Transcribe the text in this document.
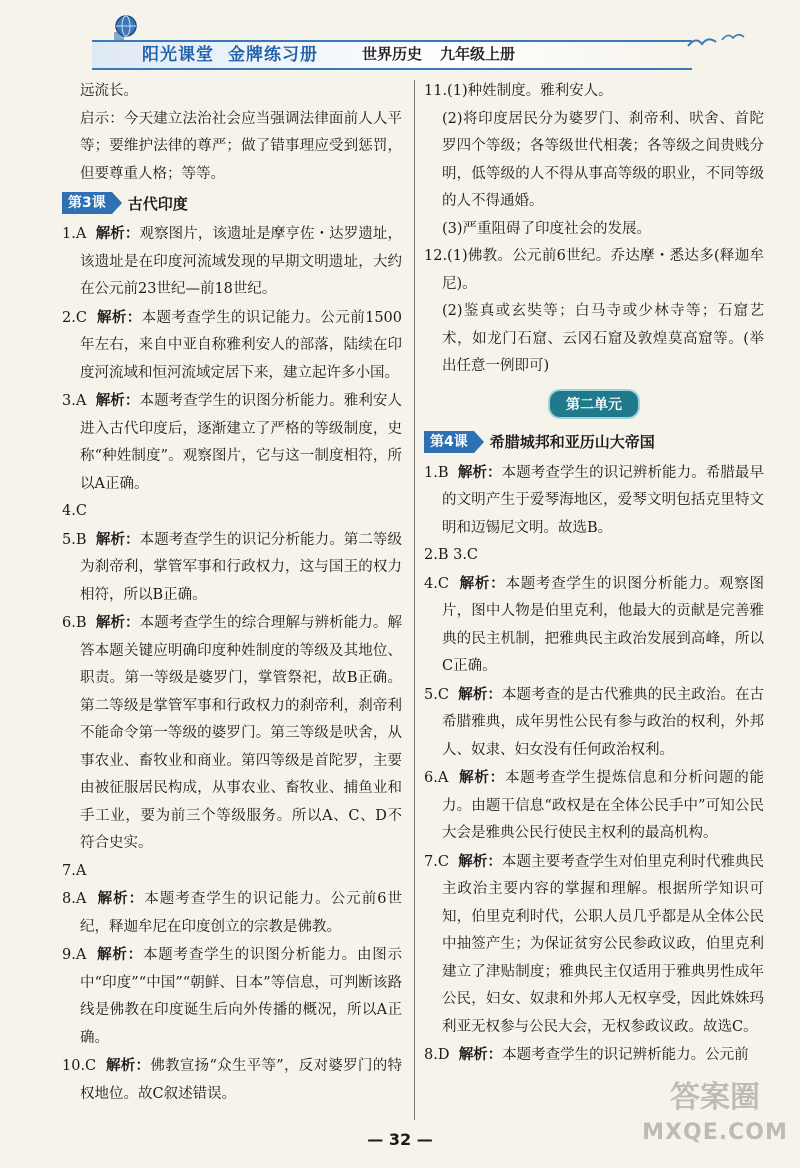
阳光课堂 金牌练习册	世界历史 九年级上册

远流长。

启示：今天建立法治社会应当强调法律面前人人平等；要维护法律的尊严；做了错事理应受到惩罚，但要尊重人格；等等。

第3课	古代印度

1.A 解析：观察图片，该遗址是摩亨佐・达罗遗址，该遗址是在印度河流域发现的早期文明遗址，大约在公元前23世纪—前18世纪。

2.C 解析：本题考查学生的识记能力。公元前1500年左右，来自中亚自称雅利安人的部落，陆续在印度河流域和恒河流域定居下来，建立起许多小国。

3.A 解析：本题考查学生的识图分析能力。雅利安人进入古代印度后，逐渐建立了严格的等级制度，史称“种姓制度”。观察图片，它与这一制度相符，所以A正确。

4.C

5.B 解析：本题考查学生的识记分析能力。第二等级为刹帝利，掌管军事和行政权力，这与国王的权力相符，所以B正确。

6.B 解析：本题考查学生的综合理解与辨析能力。解答本题关键应明确印度种姓制度的等级及其地位、职责。第一等级是婆罗门，掌管祭祀，故B正确。第二等级是掌管军事和行政权力的刹帝利，刹帝利不能命令第一等级的婆罗门。第三等级是吠舍，从事农业、畜牧业和商业。第四等级是首陀罗，主要由被征服居民构成，从事农业、畜牧业、捕鱼业和手工业，要为前三个等级服务。所以A、C、D不符合史实。

7.A

8.A 解析：本题考查学生的识记能力。公元前6世纪，释迦牟尼在印度创立的宗教是佛教。

9.A 解析：本题考查学生的识图分析能力。由图示中“印度”“中国”“朝鲜、日本”等信息，可判断该路线是佛教在印度诞生后向外传播的概况，所以A正确。

10.C 解析：佛教宣扬“众生平等”，反对婆罗门的特权地位。故C叙述错误。

11.(1)种姓制度。雅利安人。

(2)将印度居民分为婆罗门、刹帝利、吠舍、首陀罗四个等级；各等级世代相袭；各等级之间贵贱分明，低等级的人不得从事高等级的职业，不同等级的人不得通婚。

(3)严重阻碍了印度社会的发展。

12.(1)佛教。公元前6世纪。乔达摩・悉达多(释迦牟尼)。

(2)鉴真或玄奘等；白马寺或少林寺等；石窟艺术，如龙门石窟、云冈石窟及敦煌莫高窟等。(举出任意一例即可)

第二单元
第4课	希腊城邦和亚历山大帝国

1.B 解析：本题考查学生的识记辨析能力。希腊最早的文明产生于爱琴海地区，爱琴文明包括克里特文明和迈锡尼文明。故选B。

2.B 3.C

4.C 解析：本题考查学生的识图分析能力。观察图片，图中人物是伯里克利，他最大的贡献是完善雅典的民主机制，把雅典民主政治发展到高峰，所以C正确。

5.C 解析：本题考查的是古代雅典的民主政治。在古希腊雅典，成年男性公民有参与政治的权利，外邦人、奴隶、妇女没有任何政治权利。

6.A 解析：本题考查学生提炼信息和分析问题的能力。由题干信息“政权是在全体公民手中”可知公民大会是雅典公民行使民主权利的最高机构。

7.C 解析：本题主要考查学生对伯里克利时代雅典民主政治主要内容的掌握和理解。根据所学知识可知，伯里克利时代，公职人员几乎都是从全体公民中抽签产生；为保证贫穷公民参政议政，伯里克利建立了津贴制度；雅典民主仅适用于雅典男性成年公民，妇女、奴隶和外邦人无权享受，因此姝姝玛利亚无权参与公民大会，无权参政议政。故选C。

8.D 解析：本题考查学生的识记辨析能力。公元前

— 32 —
答案圈
MXQE.COM
